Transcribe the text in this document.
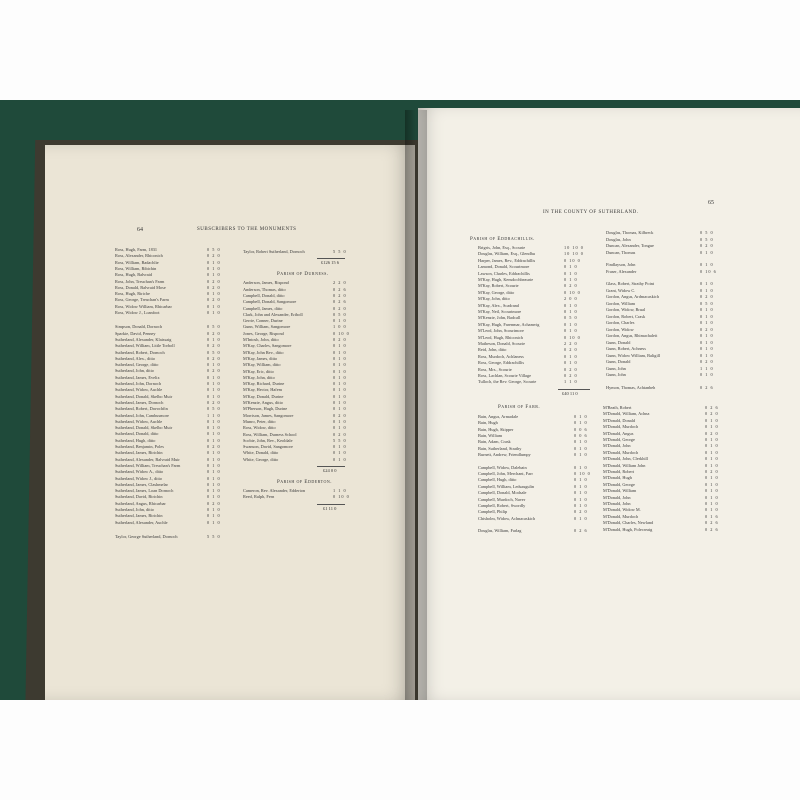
64	SUBSCRIBERS TO THE MONUMENTS
Ross, Hugh, Farm, 1831	0 5 0
Ross, Alexander, Rhiconich	0 2 0
Ross, William, Badachlie	0 1 0
Ross, William, Ribichin	0 1 0
Ross, Hugh, Balvraid	0 1 0
Ross, John, Treuchan's Farm	0 2 0
Ross, Donald, Balvraid Mose	0 2 0
Ross, Hugh, Ririche	0 1 0
Ross, George, Treuchan's Farm	0 2 0
Ross, Widow William, Rhicarbar	0 1 0
Ross, Widow J., Loanfoot	0 1 0
Simpson, Donald, Dornoch	0 5 0
Sparkie, David, Penney	0 2 0
Sutherland, Alexander, Klaissaig	0 1 0
Sutherland, William, Little Torboll	0 2 0
Sutherland, Robert, Dornoch	0 5 0
Sutherland, Alex., ditto	0 2 0
Sutherland, George, ditto	0 1 0
Sutherland, John, ditto	0 2 0
Sutherland, James, Evelix	0 1 0
Sutherland, John, Dornoch	0 1 0
Sutherland, Widow, Auchle	0 1 0
Sutherland, Donald, Skelbo Muir	0 1 0
Sutherland, James, Dornoch	0 2 0
Sutherland, Robert, Davochfin	0 5 0
Sutherland, John, Cambusmore	1 1 0
Sutherland, Widow, Auchle	0 1 0
Sutherland, Donald, Skelbo Muir	0 1 0
Sutherland, Donald, ditto	0 1 0
Sutherland, Hugh, ditto	0 1 0
Sutherland, Benjamin, Poles	0 2 0
Sutherland, James, Birichin	0 1 0
Sutherland, Alexander, Balvraid Muir	0 1 0
Sutherland, William, Treuchan's Farm	0 1 0
Sutherland, Widow A., ditto	0 1 0
Sutherland, Widow J., ditto	0 1 0
Sutherland, James, Clashmelar	0 1 0
Sutherland, James, Loan Dornoch	0 1 0
Sutherland, David, Birichin	0 1 0
Sutherland, Angus, Rhicarbar	0 2 0
Sutherland, John, ditto	0 1 0
Sutherland, James, Birichin	0 1 0
Sutherland, Alexander, Auchle	0 1 0
Taylor, George Sutherland, Dornoch	5 5 0
Taylor, Robert Sutherland, Dornoch	5 5 0
£126 15 6
Parish of Durness.
Anderson, James, Rispond	2 2 0
Anderson, Thomas, ditto	0 2 6
Campbell, Donald, ditto	0 2 0
Campbell, Donald, Sangomore	0 2 6
Campbell, James, ditto	0 2 0
Clark, John and Alexander, Eriboll	0 5 0
Gerrie, Conner, Durine	0 1 0
Gunn, William, Sangomore	1 0 0
Jones, George, Rispond	0 10 0
M'Intosh, John, ditto	0 2 0
M'Kay, Charles, Sangomore	0 1 0
M'Kay, John Rev., ditto	0 1 0
M'Kay, James, ditto	0 1 0
M'Kay, William, ditto	0 1 0
M'Kay, Eric, ditto	0 1 0
M'Kay, John, ditto	0 1 0
M'Kay, Richard, Durine	0 1 0
M'Kay, Hector, Hafem	0 1 0
M'Kay, Donald, Durine	0 1 0
M'Kenzie, Angus, ditto	0 1 0
M'Pherson, Hugh, Durine	0 1 0
Morrison, James, Sangomore	0 2 0
Munro, Peter, ditto	0 1 0
Ross, Widow, ditto	0 1 0
Ross, William, Durness School	0 2 0
Scobie, John, Rev., Keoldale	5 5 0
Swanson, David, Sangomore	0 1 0
White, Donald, ditto	0 1 0
White, George, ditto	0 1 0
£24 0 0
Parish of Edderton.
Cameron, Rev. Alexander, Edderton	1 1 0
Reed, Ralph, Fern	0 10 0
£1 11 0
65
IN THE COUNTY OF SUTHERLAND.
Parish of Eddrachillis.
Brigris, John, Esq., Scourie	10 10 0
Douglas, William, Esq., Glendhu	10 10 0
Harper, James, Rev., Eddrachillis	0 10 0
Lamond, Donald, Scourimore	0 1 0
Lawson, Charles, Eddrachillis	0 1 0
M'Kay, Hugh, Kensdochbeaurie	0 1 0
M'Kay, Robert, Scourie	0 2 0
M'Kay, George, ditto	0 10 0
M'Kay, John, ditto	2 0 0
M'Kay, Alex., Scadrand	0 1 0
M'Kay, Neil, Scourimore	0 1 0
M'Kenzie, John, Badcall	0 5 0
M'Kay, Hugh, Farenmar, Achamvig	0 1 0
M'Leod, John, Scourimore	0 1 0
M'Leod, Hugh, Rhiconich	0 10 0
Matheson, Donald, Scourie	2 2 0
Reid, John, ditto	0 2 0
Ross, Murdoch, Achlaness	0 1 0
Ross, George, Eddrachillis	0 1 0
Ross, Mrs., Scourie	0 2 0
Ross, Lachlan, Scourie Village	0 2 0
Tulloch, the Rev. George, Scourie	1 1 0
£40 11 0
Parish of Farr.
Bain, Angus, Armadale	0 1 0
Bain, Hugh	0 1 0
Bain, Hugh, Skipper	0 0 6
Bain, William	0 0 6
Bain, Adam, Crask	0 1 0
Bain, Sutherland, Strathy	0 1 0
Burnett, Andrew, Friendlumpy	0 1 0
Campbell, Widow, Dalebain	0 1 0
Campbell, John, Merchant, Farr	0 10 0
Campbell, Hugh, ditto	0 1 0
Campbell, William, Ledsaugulin	0 1 0
Campbell, Donald, Modsale	0 1 0
Campbell, Murdoch, Naver	0 1 0
Campbell, Robert, Swordly	0 1 0
Campbell, Philip	0 2 0
Chisholm, Widow, Achnacaskich	0 1 0
Douglas, William, Farlag	0 2 6
Douglas, Thomas, Kilbreck	0 5 0
Douglas, John	0 5 0
Duncan, Alexander, Tongue	0 2 0
Duncan, Thomas	0 1 0
Findlayson, John	0 1 0
Fraser, Alexander	0 10 6
Glass, Robert, Strathy Point	0 1 0
Grant, Widow C.	0 1 0
Gordon, Angus, Ardmacaskich	0 2 0
Gordon, William	0 5 0
Gordon, Widow, Brual	0 1 0
Gordon, Robert, Crask	0 1 0
Gordon, Charles	0 1 0
Gordon, Widow	0 2 0
Gordon, Angus, Rhimachaleit	0 1 0
Gunn, Donald	0 1 0
Gunn, Robert, Achness	0 1 0
Gunn, Widow William, Baligill	0 1 0
Gunn, Donald	0 2 0
Gunn, John	1 1 0
Gunn, John	0 1 0
Hymon, Thomas, Achtanbeh	0 2 6
M'Beath, Robert	0 2 6
M'Donald, William, Achna	0 2 0
M'Donald, Donald	0 1 0
M'Donald, Murdoch	0 1 0
M'Donald, Angus	0 2 0
M'Donald, George	0 1 0
M'Donald, John	0 1 0
M'Donald, Murdoch	0 1 0
M'Donald, John, Clerkhill	0 1 0
M'Donald, William John	0 1 0
M'Donald, Robert	0 2 0
M'Donald, Hugh	0 1 0
M'Donald, George	0 1 0
M'Donald, William	0 1 0
M'Donald, John	0 1 0
M'Donald, John	0 1 0
M'Donald, Widow M.	0 1 0
M'Donald, Murdoch	0 1 6
M'Donald, Charles, Newland	0 2 6
M'Donald, Hugh, Polecreaig	0 2 6
